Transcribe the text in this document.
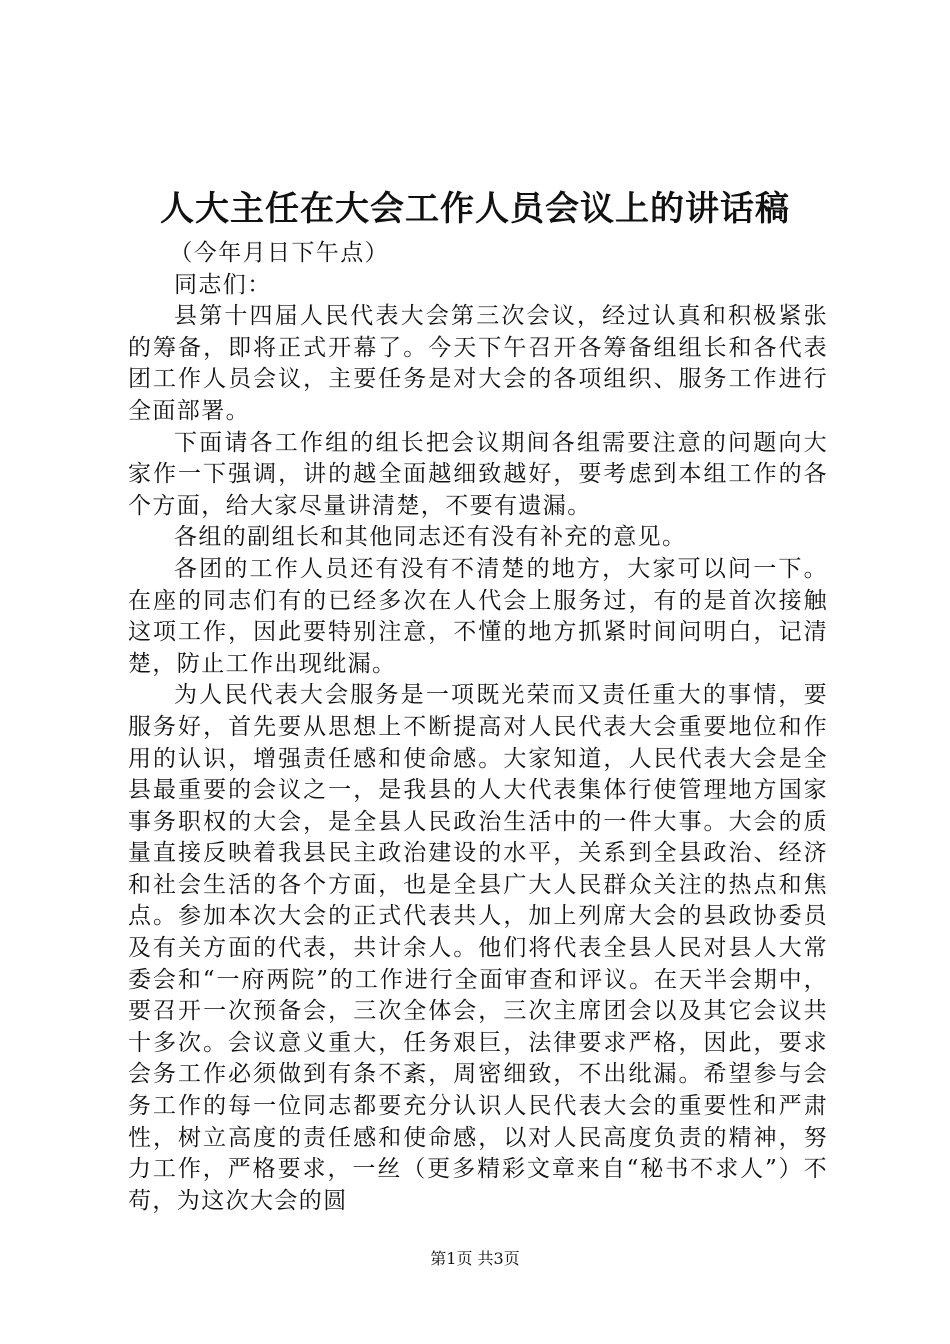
人大主任在大会工作人员会议上的讲话稿

（今年月日下午点）

同志们：

县第十四届人民代表大会第三次会议，经过认真和积极紧张的筹备，即将正式开幕了。今天下午召开各筹备组组长和各代表团工作人员会议，主要任务是对大会的各项组织、服务工作进行全面部署。

下面请各工作组的组长把会议期间各组需要注意的问题向大家作一下强调，讲的越全面越细致越好，要考虑到本组工作的各个方面，给大家尽量讲清楚，不要有遗漏。

各组的副组长和其他同志还有没有补充的意见。

各团的工作人员还有没有不清楚的地方，大家可以问一下。在座的同志们有的已经多次在人代会上服务过，有的是首次接触这项工作，因此要特别注意，不懂的地方抓紧时间问明白，记清楚，防止工作出现纰漏。

为人民代表大会服务是一项既光荣而又责任重大的事情，要服务好，首先要从思想上不断提高对人民代表大会重要地位和作用的认识，增强责任感和使命感。大家知道，人民代表大会是全县最重要的会议之一，是我县的人大代表集体行使管理地方国家事务职权的大会，是全县人民政治生活中的一件大事。大会的质量直接反映着我县民主政治建设的水平，关系到全县政治、经济和社会生活的各个方面，也是全县广大人民群众关注的热点和焦点。参加本次大会的正式代表共人，加上列席大会的县政协委员及有关方面的代表，共计余人。他们将代表全县人民对县人大常委会和“一府两院”的工作进行全面审查和评议。在天半会期中，要召开一次预备会，三次全体会，三次主席团会以及其它会议共十多次。会议意义重大，任务艰巨，法律要求严格，因此，要求会务工作必须做到有条不紊，周密细致，不出纰漏。希望参与会务工作的每一位同志都要充分认识人民代表大会的重要性和严肃性，树立高度的责任感和使命感，以对人民高度负责的精神，努力工作，严格要求，一丝（更多精彩文章来自“秘书不求人”）不苟，为这次大会的圆

第1页 共3页
